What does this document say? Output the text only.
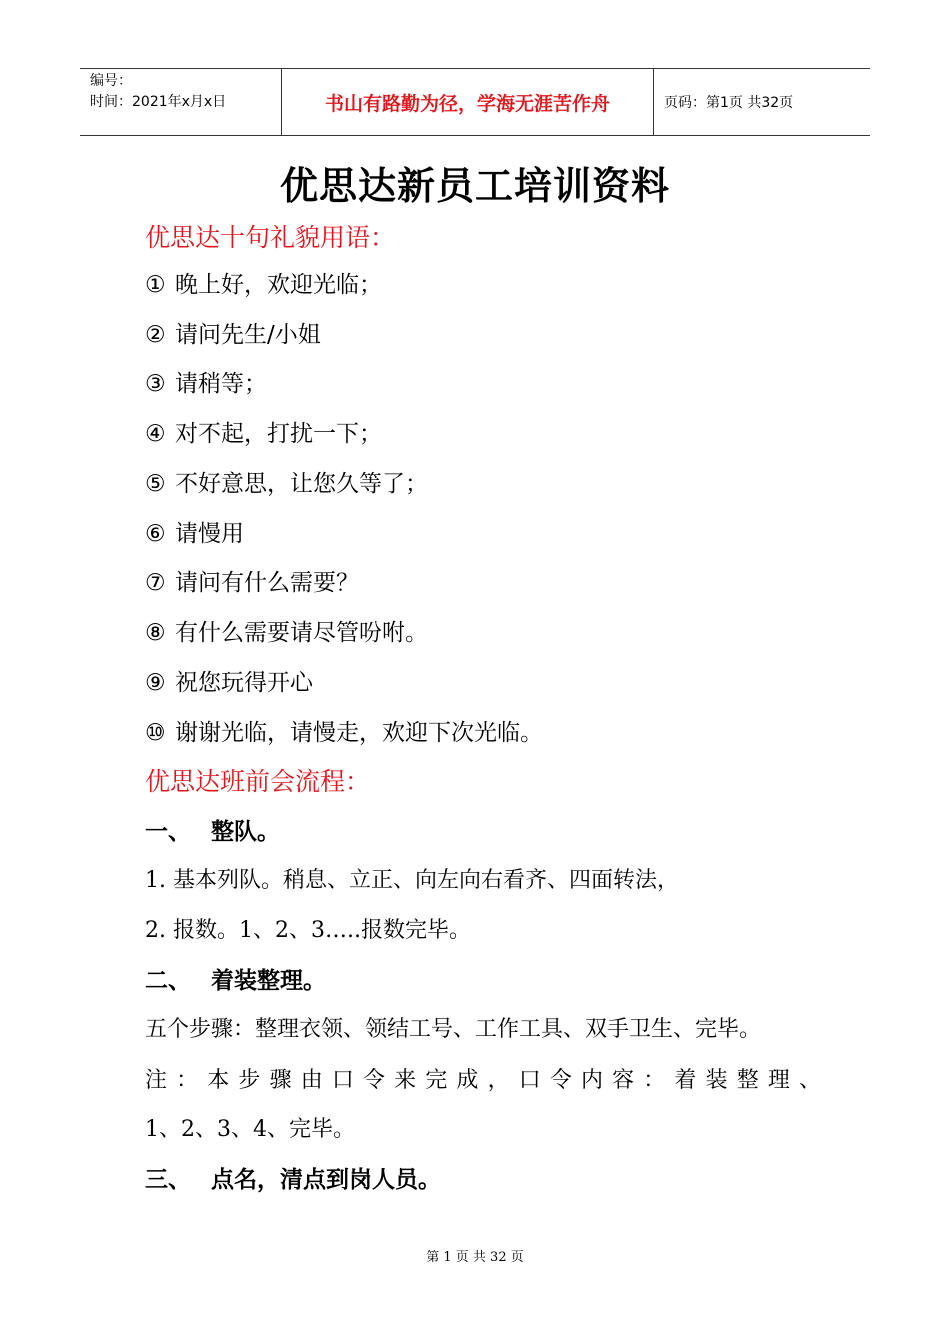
编号：
时间：2021年x月x日	书山有路勤为径，学海无涯苦作舟	页码：第1页 共32页
优思达新员工培训资料
优思达十句礼貌用语：
① 晚上好，欢迎光临；
② 请问先生/小姐
③ 请稍等；
④ 对不起，打扰一下；
⑤ 不好意思，让您久等了；
⑥ 请慢用
⑦ 请问有什么需要？
⑧ 有什么需要请尽管吩咐。
⑨ 祝您玩得开心
⑩ 谢谢光临，请慢走，欢迎下次光临。
优思达班前会流程：
一、 整队。
1. 基本列队。稍息、立正、向左向右看齐、四面转法，
2. 报数。1、2、3…..报数完毕。
二、 着装整理。
五个步骤：整理衣领、领结工号、工作工具、双手卫生、完毕。
注：本步骤由口令来完成，口令内容：着装整理、
1、2、3、4、完毕。
三、 点名，清点到岗人员。
第 1 页 共 32 页
